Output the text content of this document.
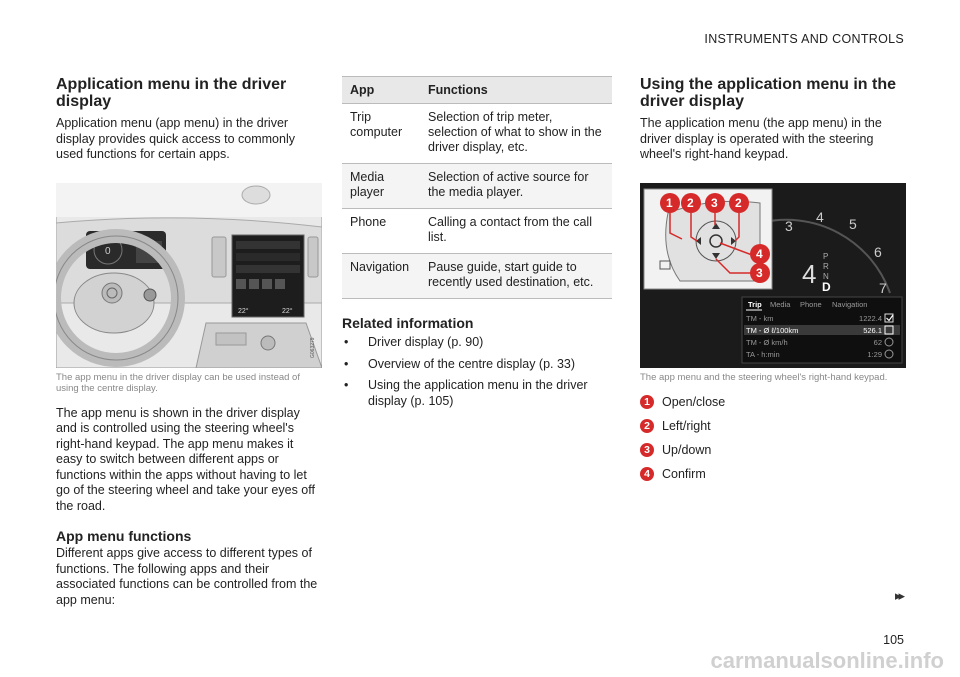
INSTRUMENTS AND CONTROLS
Application menu in the driver display

Application menu (app menu) in the driver display provides quick access to commonly used functions for certain apps.

0
22°	22°
G063279
The app menu in the driver display can be used instead of using the centre display.

The app menu is shown in the driver display and is controlled using the steering wheel's right-hand keypad. The app menu makes it easy to switch between different apps or functions within the apps without having to let go of the steering wheel and take your eyes off the road.

App menu functions

Different apps give access to different types of functions. The following apps and their associated functions can be controlled from the app menu:

App	Functions
Trip computer	Selection of trip meter, selection of what to show in the driver display, etc.
Media player	Selection of active source for the media player.
Phone	Calling a contact from the call list.
Navigation	Pause guide, start guide to recently used destination, etc.
Related information
• Driver display (p. 90)
• Overview of the centre display (p. 33)
• Using the application menu in the driver display (p. 105)
Using the application menu in the driver display

The application menu (the app menu) in the driver display is operated with the steering wheel's right-hand keypad.

3
4 5
6
7
4
P
R
N
D
1 2 3 2
4
3
Trip Media Phone Navigation
TM - km	1222.4
TM - Ø ℓ/100km	526.1
TM - Ø km/h	62
TA - h:min	1:29
The app menu and the steering wheel's right-hand keypad.
1 Open/close
2 Left/right
3 Up/down
4 Confirm
▸▸
105
carmanualsonline.info
